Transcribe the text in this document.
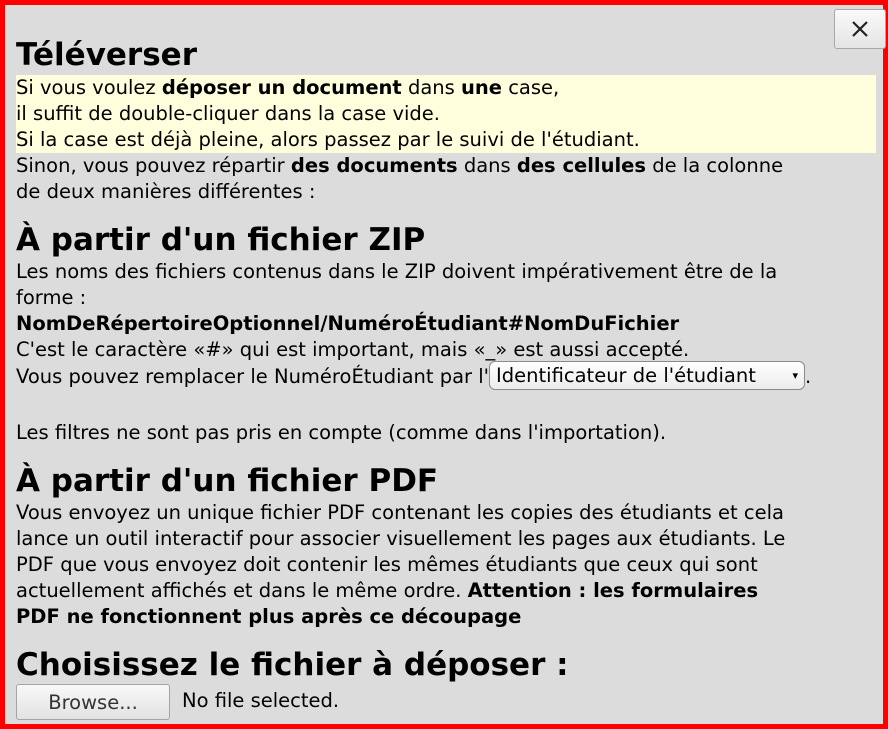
Téléverser
Si vous voulez déposer un document dans une case,
il suffit de double-cliquer dans la case vide.
Si la case est déjà pleine, alors passez par le suivi de l'étudiant.
Sinon, vous pouvez répartir des documents dans des cellules de la colonne
de deux manières différentes :
À partir d'un fichier ZIP
Les noms des fichiers contenus dans le ZIP doivent impérativement être de la
forme :
NomDeRépertoireOptionnel/NuméroÉtudiant#NomDuFichier
C'est le caractère «#» qui est important, mais «_» est aussi accepté.
Vous pouvez remplacer le NuméroÉtudiant par l' Identificateur de l'étudiant	▾ .
Les filtres ne sont pas pris en compte (comme dans l'importation).
À partir d'un fichier PDF
Vous envoyez un unique fichier PDF contenant les copies des étudiants et cela
lance un outil interactif pour associer visuellement les pages aux étudiants. Le
PDF que vous envoyez doit contenir les mêmes étudiants que ceux qui sont
actuellement affichés et dans le même ordre. Attention : les formulaires
PDF ne fonctionnent plus après ce découpage
Choisissez le fichier à déposer :
Browse...	No file selected.
